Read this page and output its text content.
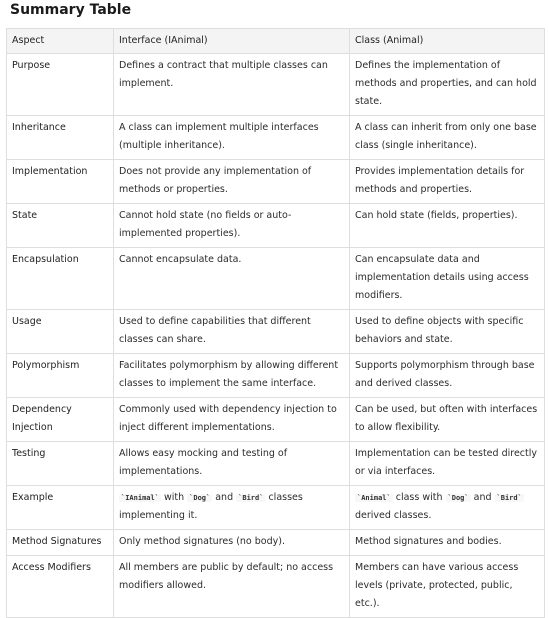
Summary Table
Aspect	Interface (IAnimal)	Class (Animal)
Purpose	Defines a contract that multiple classes can implement.	Defines the implementation of methods and properties, and can hold state.
Inheritance	A class can implement multiple interfaces (multiple inheritance).	A class can inherit from only one base class (single inheritance).
Implementation	Does not provide any implementation of methods or properties.	Provides implementation details for methods and properties.
State	Cannot hold state (no fields or auto-implemented properties).	Can hold state (fields, properties).
Encapsulation	Cannot encapsulate data.	Can encapsulate data and implementation details using access modifiers.
Usage	Used to define capabilities that different classes can share.	Used to define objects with specific behaviors and state.
Polymorphism	Facilitates polymorphism by allowing different classes to implement the same interface.	Supports polymorphism through base and derived classes.
Dependency Injection	Commonly used with dependency injection to inject different implementations.	Can be used, but often with interfaces to allow flexibility.
Testing	Allows easy mocking and testing of implementations.	Implementation can be tested directly or via interfaces.
Example	`IAnimal` with `Dog` and `Bird` classes implementing it.	`Animal` class with `Dog` and `Bird` derived classes.
Method Signatures	Only method signatures (no body).	Method signatures and bodies.
Access Modifiers	All members are public by default; no access modifiers allowed.	Members can have various access levels (private, protected, public, etc.).
